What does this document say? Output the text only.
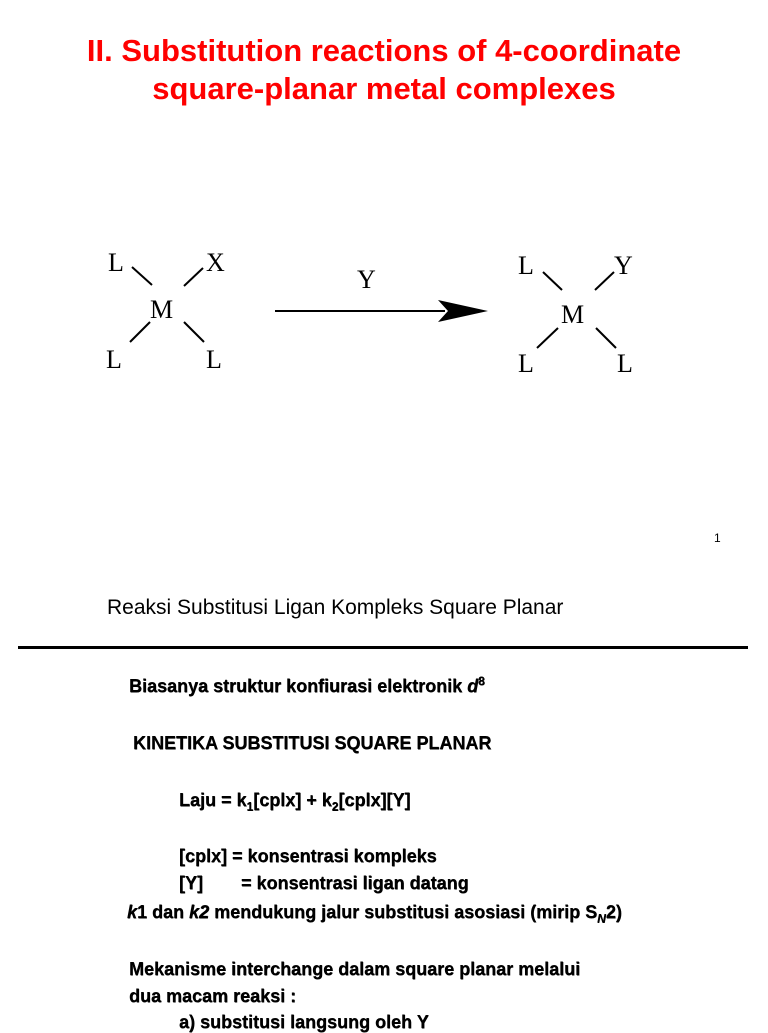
II. Substitution reactions of 4-coordinate
square-planar metal complexes
L	X
M
L	L
Y	L	Y
M
L	L
1
Reaksi Substitusi Ligan Kompleks Square Planar
Biasanya struktur konfiurasi elektronik $d^8$
KINETIKA SUBSTITUSI SQUARE PLANAR
Laju = $k_1[cplx]$ + $k_2[cplx][Y]$
[cplx] = konsentrasi kompleks
[Y] = konsentrasi ligan datang
k1 dan k2 mendukung jalur substitusi asosiasi (mirip $S_N2$)
Mekanisme interchange dalam square planar melalui
dua macam reaksi :
a) substitusi langsung oleh Y
